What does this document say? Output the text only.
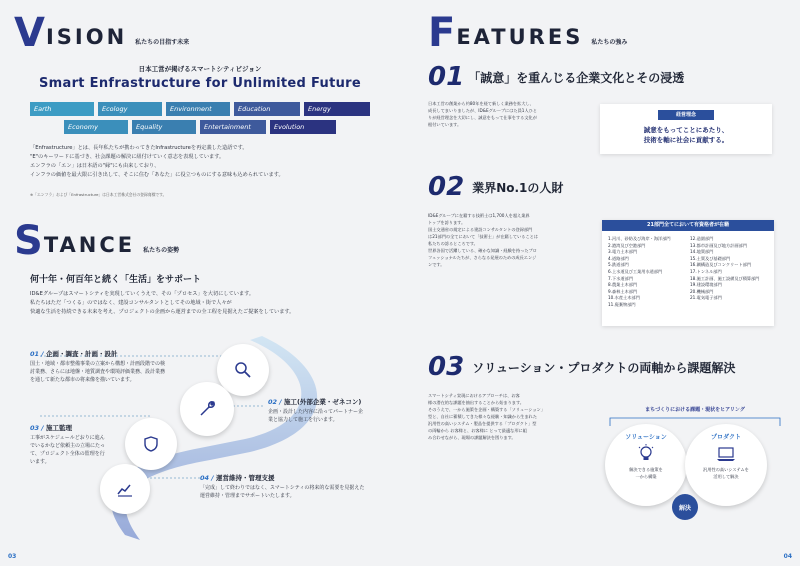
V ISION 私たちの目指す未来
日本工営が掲げるスマートシティビジョン
Smart Enfrastructure for Unlimited Future
Earth	Ecology	Environment	Education	Energy
Economy	Equality	Entertainment	Evolution
「Enfrastructure」とは、長年私たちが携わってきたInfrastructureを再定義した造語です。
"E"のキーワードに基づき、社会課題の解決に紐付けていく意志を表現しています。
エンフラの「エン」は日本語の"縁"にも由来しており、
インフラの価値を最大限に引き出して、そこに住む「あなた」に役立つものにする意味も込められています。
※「エンフラ」および「Enfrastructure」は日本工営株式会社の登録商標です。
S TANCE 私たちの姿勢
何十年・何百年と続く「生活」をサポート
ID&Eグループはスマートシティを実現していくうえで、その「プロセス」を大切にしています。
私たちはただ「つくる」のではなく、建設コンサルタントとしてその地域・街で人々が
快適な生活を持続できる未来を考え、プロジェクトの企画から運営までの全工程を見据えたご提案をしています。
01 / 企画・調査・計画・設計
国土・地域・都市整備事業の立案から構想・計画段階での検
討業務、さらには地盤・地質調査や環境評価業務、設計業務
を通して新たな都市の将来像を描いています。
02 / 施工(外部企業・ゼネコン)
企画・設計した内容に沿ってパートナー企
業と協力して施工を行います。
03 / 施工監理
工事がスケジュールどおりに進ん
でいるかなど依頼主の立場にたっ
て、プロジェクト全体の監理を行
います。
04 / 運営維持・管理支援
「完成」して終わりではなく、スマートシティの将来的な需要を見据えた
運営維持・管理までサポートいたします。
03
F EATURES 私たちの強み
01 「誠意」を重んじる企業文化とその浸透
日本工営の創業から約80年を経て新しく業務を拡大し、
成長してまいりましたが、ID&Eグループにはた員1人ひと
りが経営理念を大切にし、誠意をもって仕事をする文化が
根付いています。
経営理念
誠意をもってことにあたり、
技術を軸に社会に貢献する。
02 業界No.1の人財
ID&Eグループに在籍する技術士は1,700人を超え業界
トップを誇ります。
国土交通省の規定による建設コンサルタントの登録部門
は21部門の全てにおいて「技術士」が在籍していることは
私たちの誇るところです。
世界各国で活躍している、確かな知識・経験を持ったプロ
フェッショナルたちが、さらなる発展のための成長エンジ
ンです。
21部門全てにおいて有資格者が在籍
1.河川、砂防及び海岸・海洋部門
2.港湾及び空港部門
3.電力土木部門
4.道路部門
5.鉄道部門
6.上水道及び工業用水道部門
7.下水道部門
8.農業土木部門
9.森林土木部門
10.水産土木部門
11.廃棄物部門
12.造園部門
13.都市計画及び地方計画部門
14.地質部門
15.土質及び基礎部門
16.鋼構造及びコンクリート部門
17.トンネル部門
18.施工計画、施工設備及び積算部門
19.建設環境部門
20.機械部門
21.電気電子部門
03 ソリューション・プロダクトの両軸から課題解決
スマートシティ実現におけるアプローチは、お客
様の潜在的な課題を抽出することから始まります。
そのうえで、一から施策を企画・構築する「ソリューション」
型と、自社に蓄積してきた様々な経験・知識から生まれた
汎用性の高いシステム・製品を提供する「プロダクト」型
の両輪から お客様と、お客様に とって最適な形に組
み合わせながら、現場の課題解決を図ります。
まちづくりにおける課題・現状をヒアリング
ソリューション
解決できる施策を
一から構築
プロダクト
汎用性の高いシステムを
活用して解決
解決
04
